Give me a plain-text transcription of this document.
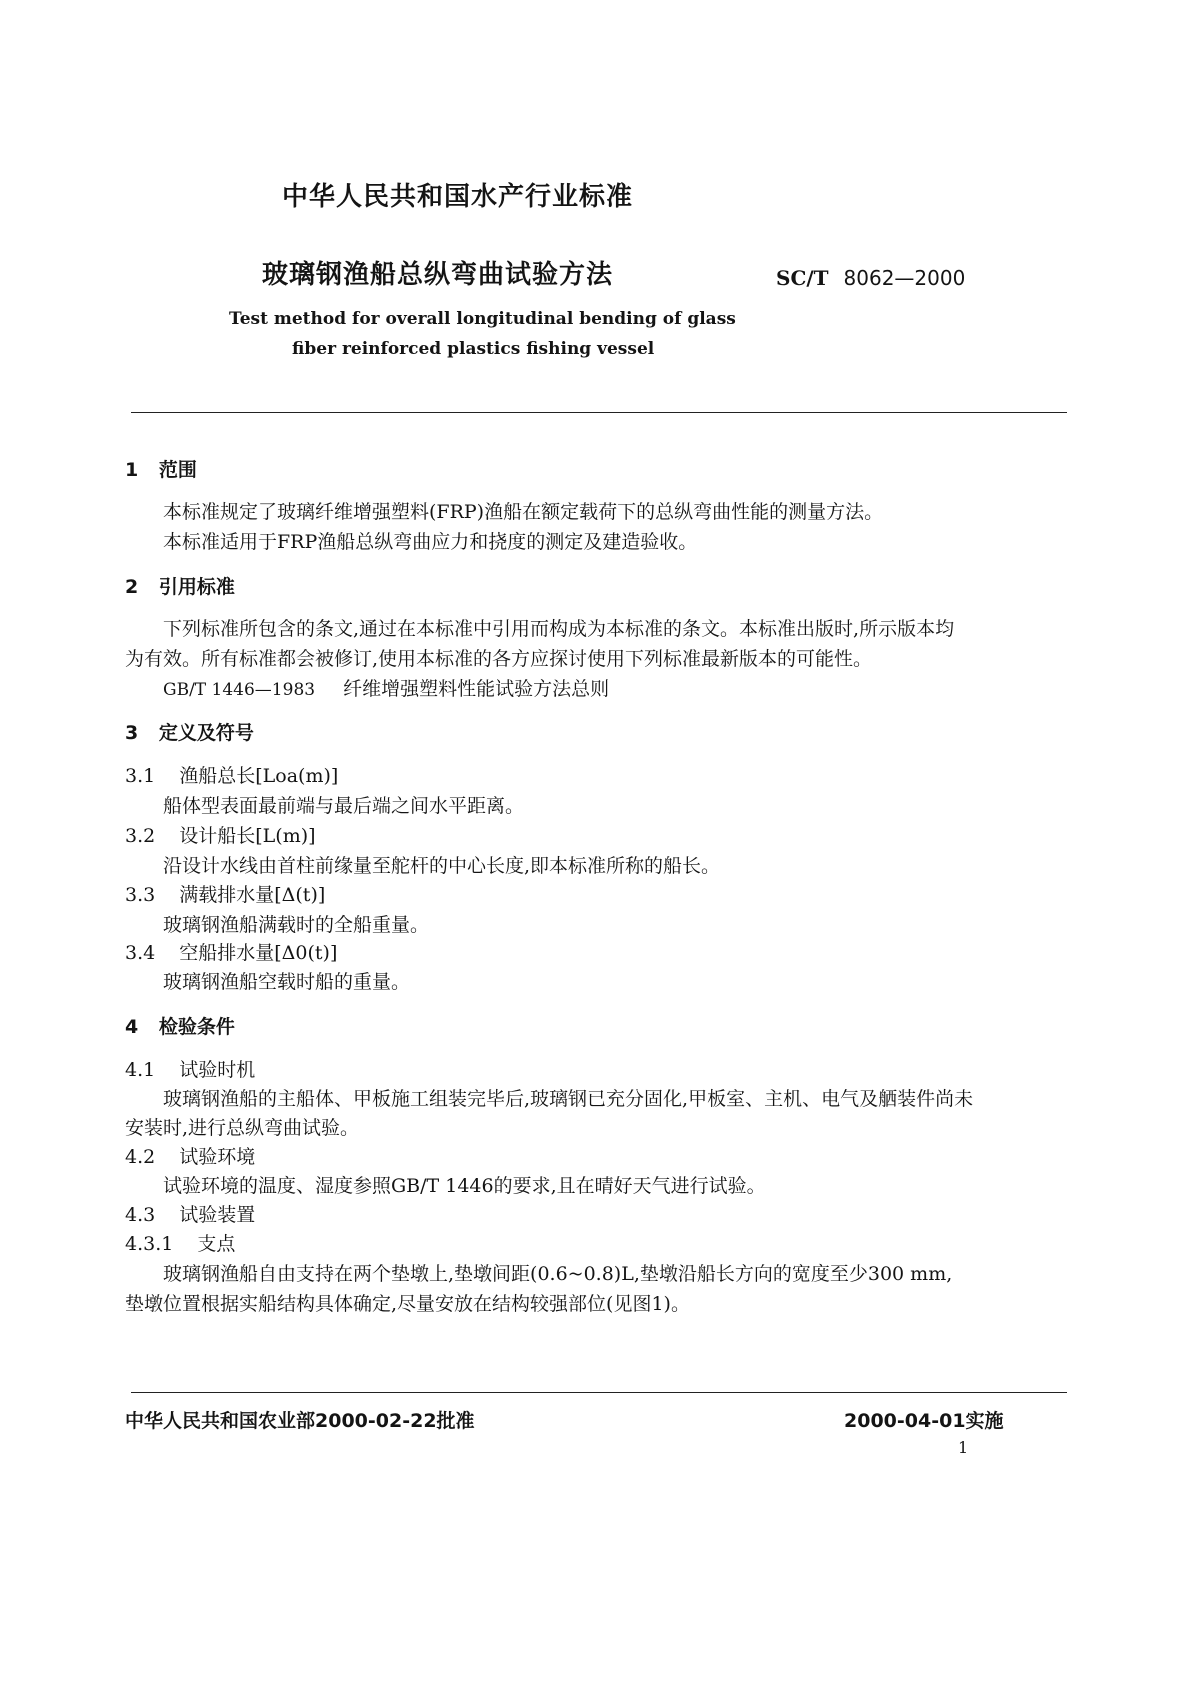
中华人民共和国水产行业标准
玻璃钢渔船总纵弯曲试验方法	SC/T 8062—2000
Test method for overall longitudinal bending of glass
fiber reinforced plastics fishing vessel
1 范围
本标准规定了玻璃纤维增强塑料(FRP)渔船在额定载荷下的总纵弯曲性能的测量方法。
本标准适用于FRP渔船总纵弯曲应力和挠度的测定及建造验收。
2 引用标准
下列标准所包含的条文,通过在本标准中引用而构成为本标准的条文。本标准出版时,所示版本均
为有效。所有标准都会被修订,使用本标准的各方应探讨使用下列标准最新版本的可能性。
GB/T 1446—1983 纤维增强塑料性能试验方法总则
3 定义及符号
3.1 渔船总长[Loa(m)]
船体型表面最前端与最后端之间水平距离。
3.2 设计船长[L(m)]
沿设计水线由首柱前缘量至舵杆的中心长度,即本标准所称的船长。
3.3 满载排水量[Δ(t)]
玻璃钢渔船满载时的全船重量。
3.4 空船排水量[Δ0(t)]
玻璃钢渔船空载时船的重量。
4 检验条件
4.1 试验时机
玻璃钢渔船的主船体、甲板施工组装完毕后,玻璃钢已充分固化,甲板室、主机、电气及舾装件尚未
安装时,进行总纵弯曲试验。
4.2 试验环境
试验环境的温度、湿度参照GB/T 1446的要求,且在晴好天气进行试验。
4.3 试验装置
4.3.1 支点
玻璃钢渔船自由支持在两个垫墩上,垫墩间距(0.6~0.8)L,垫墩沿船长方向的宽度至少300 mm,
垫墩位置根据实船结构具体确定,尽量安放在结构较强部位(见图1)。
中华人民共和国农业部2000-02-22批准	2000-04-01实施
1
